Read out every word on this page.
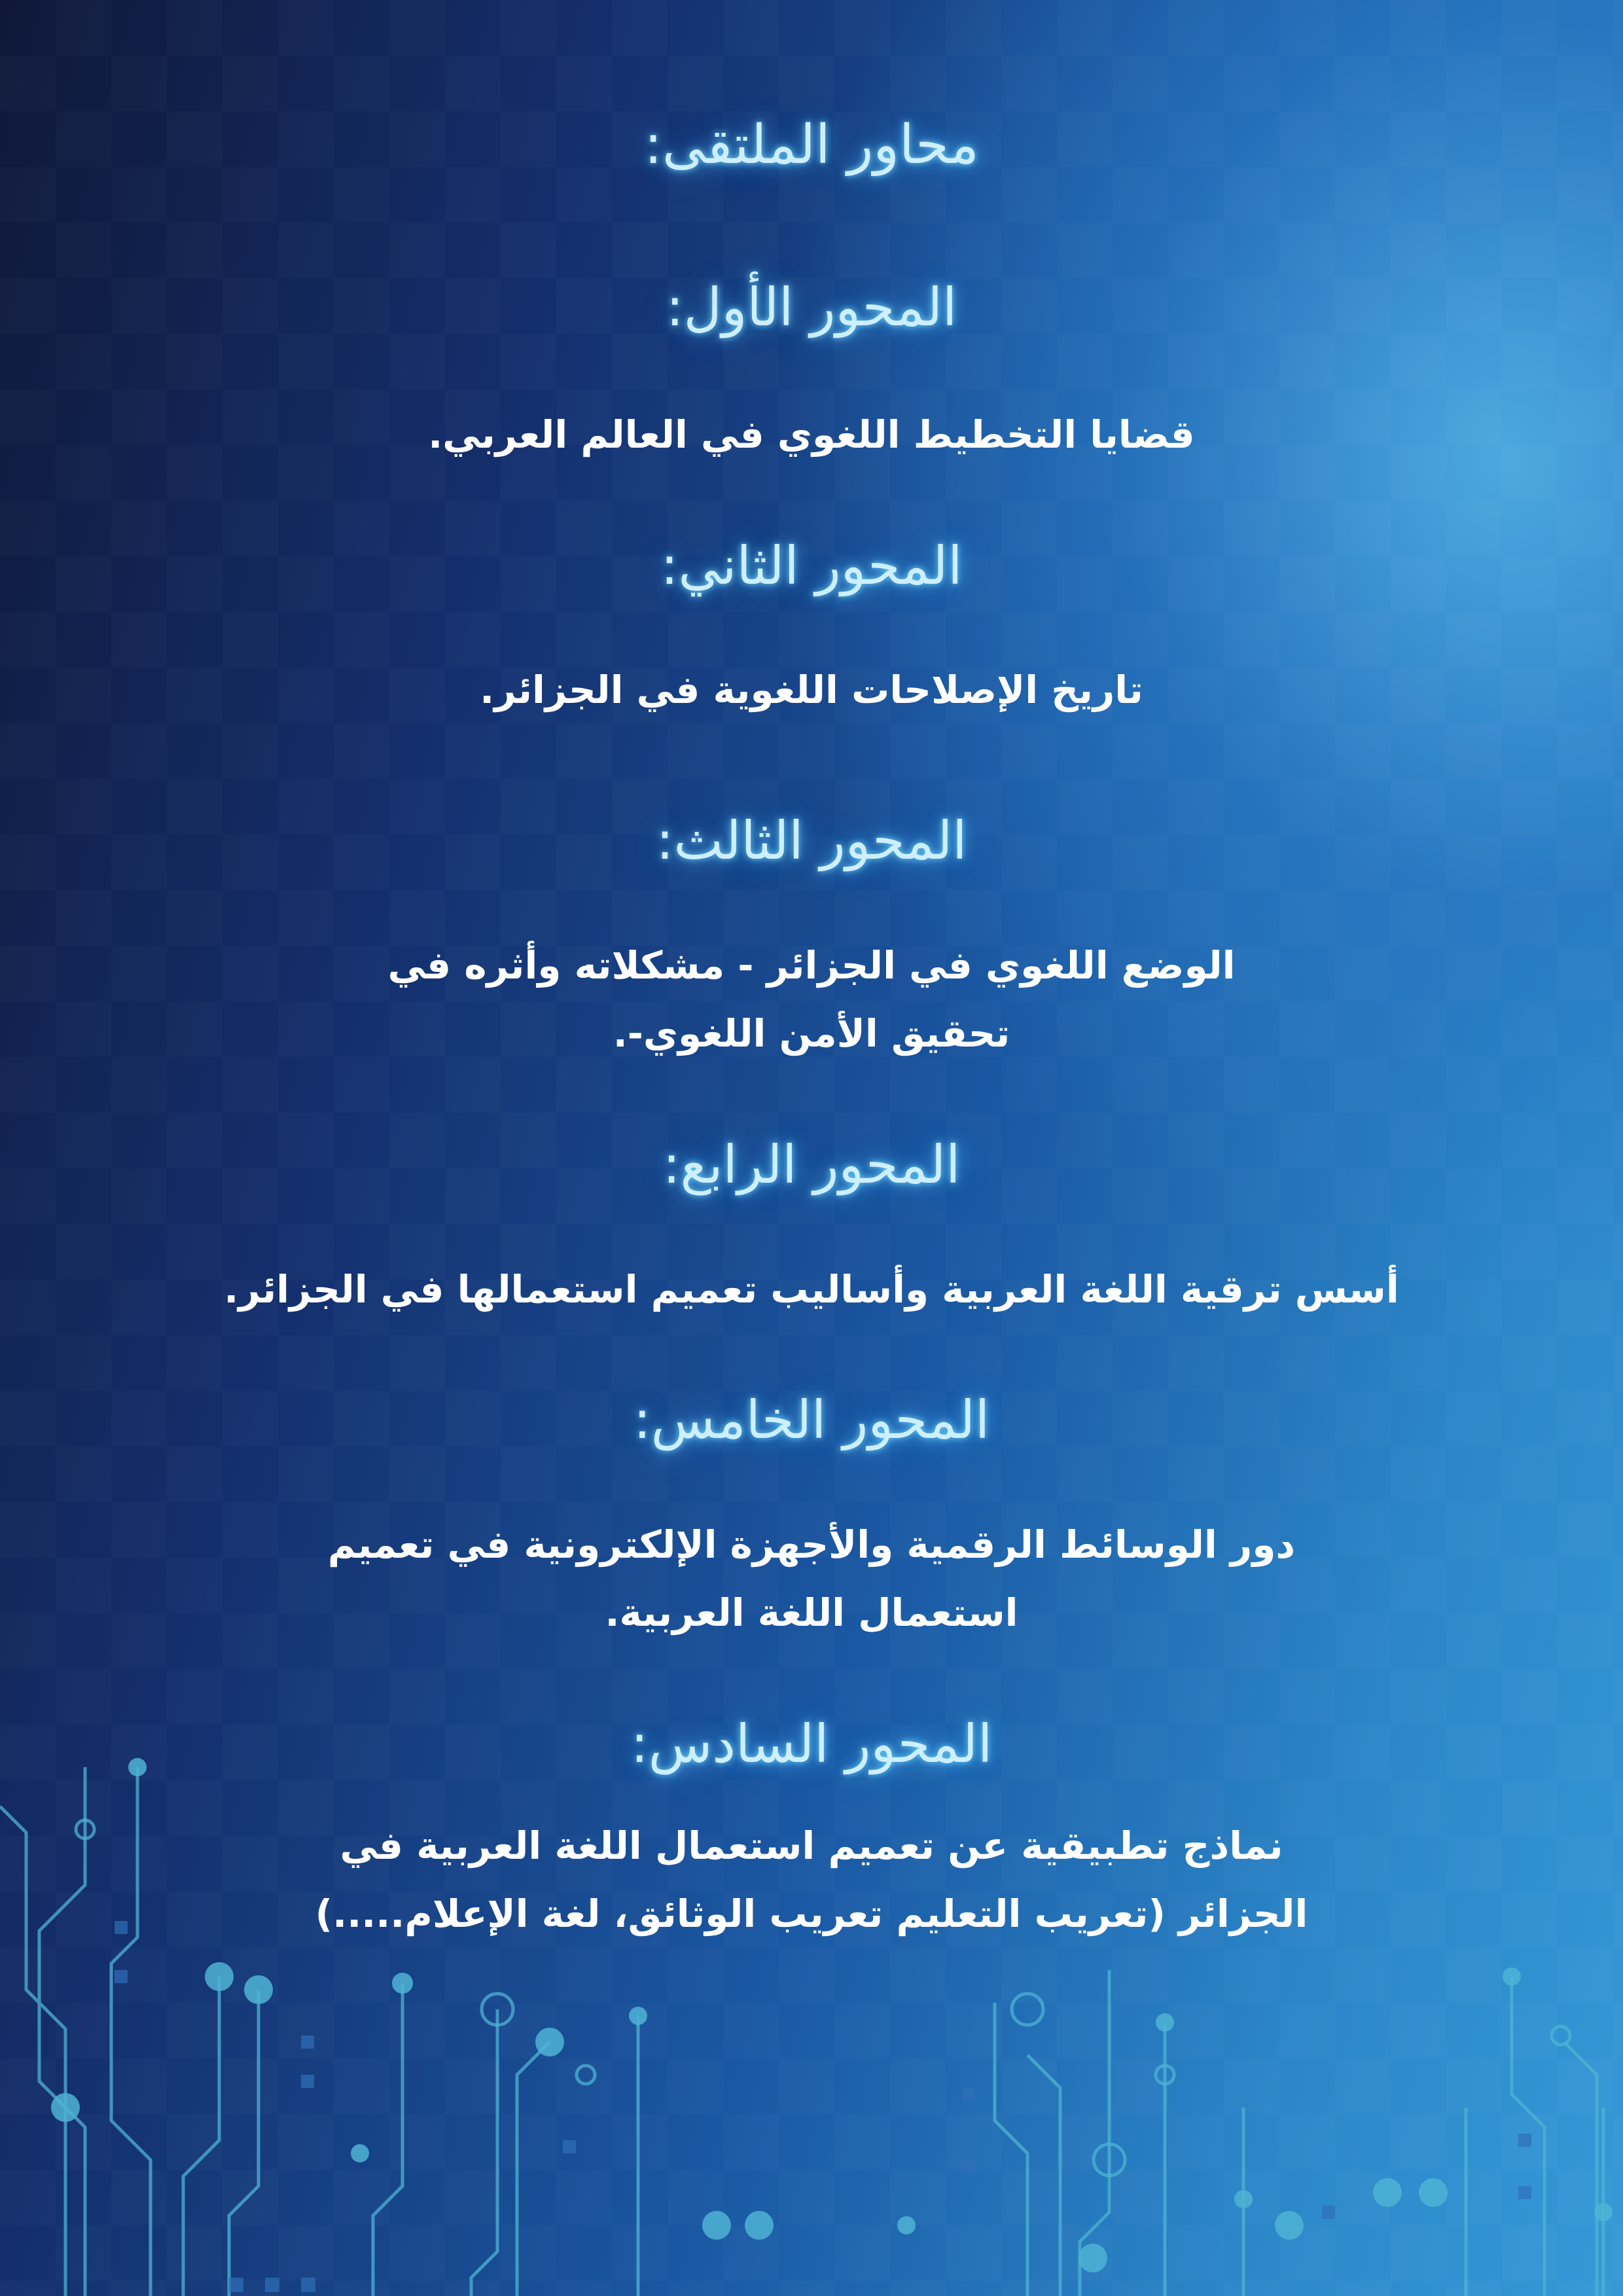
محاور الملتقى:
المحور الأول:

قضايا التخطيط اللغوي في العالم العربي.

المحور الثاني:

تاريخ الإصلاحات اللغوية في الجزائر.

المحور الثالث:

الوضع اللغوي في الجزائر - مشكلاته وأثره في

تحقيق الأمن اللغوي-.

المحور الرابع:

أسس ترقية اللغة العربية وأساليب تعميم استعمالها في الجزائر.

المحور الخامس:

دور الوسائط الرقمية والأجهزة الإلكترونية في تعميم

استعمال اللغة العربية.

المحور السادس:

نماذج تطبيقية عن تعميم استعمال اللغة العربية في

الجزائر (تعريب التعليم تعريب الوثائق، لغة الإعلام.....)
